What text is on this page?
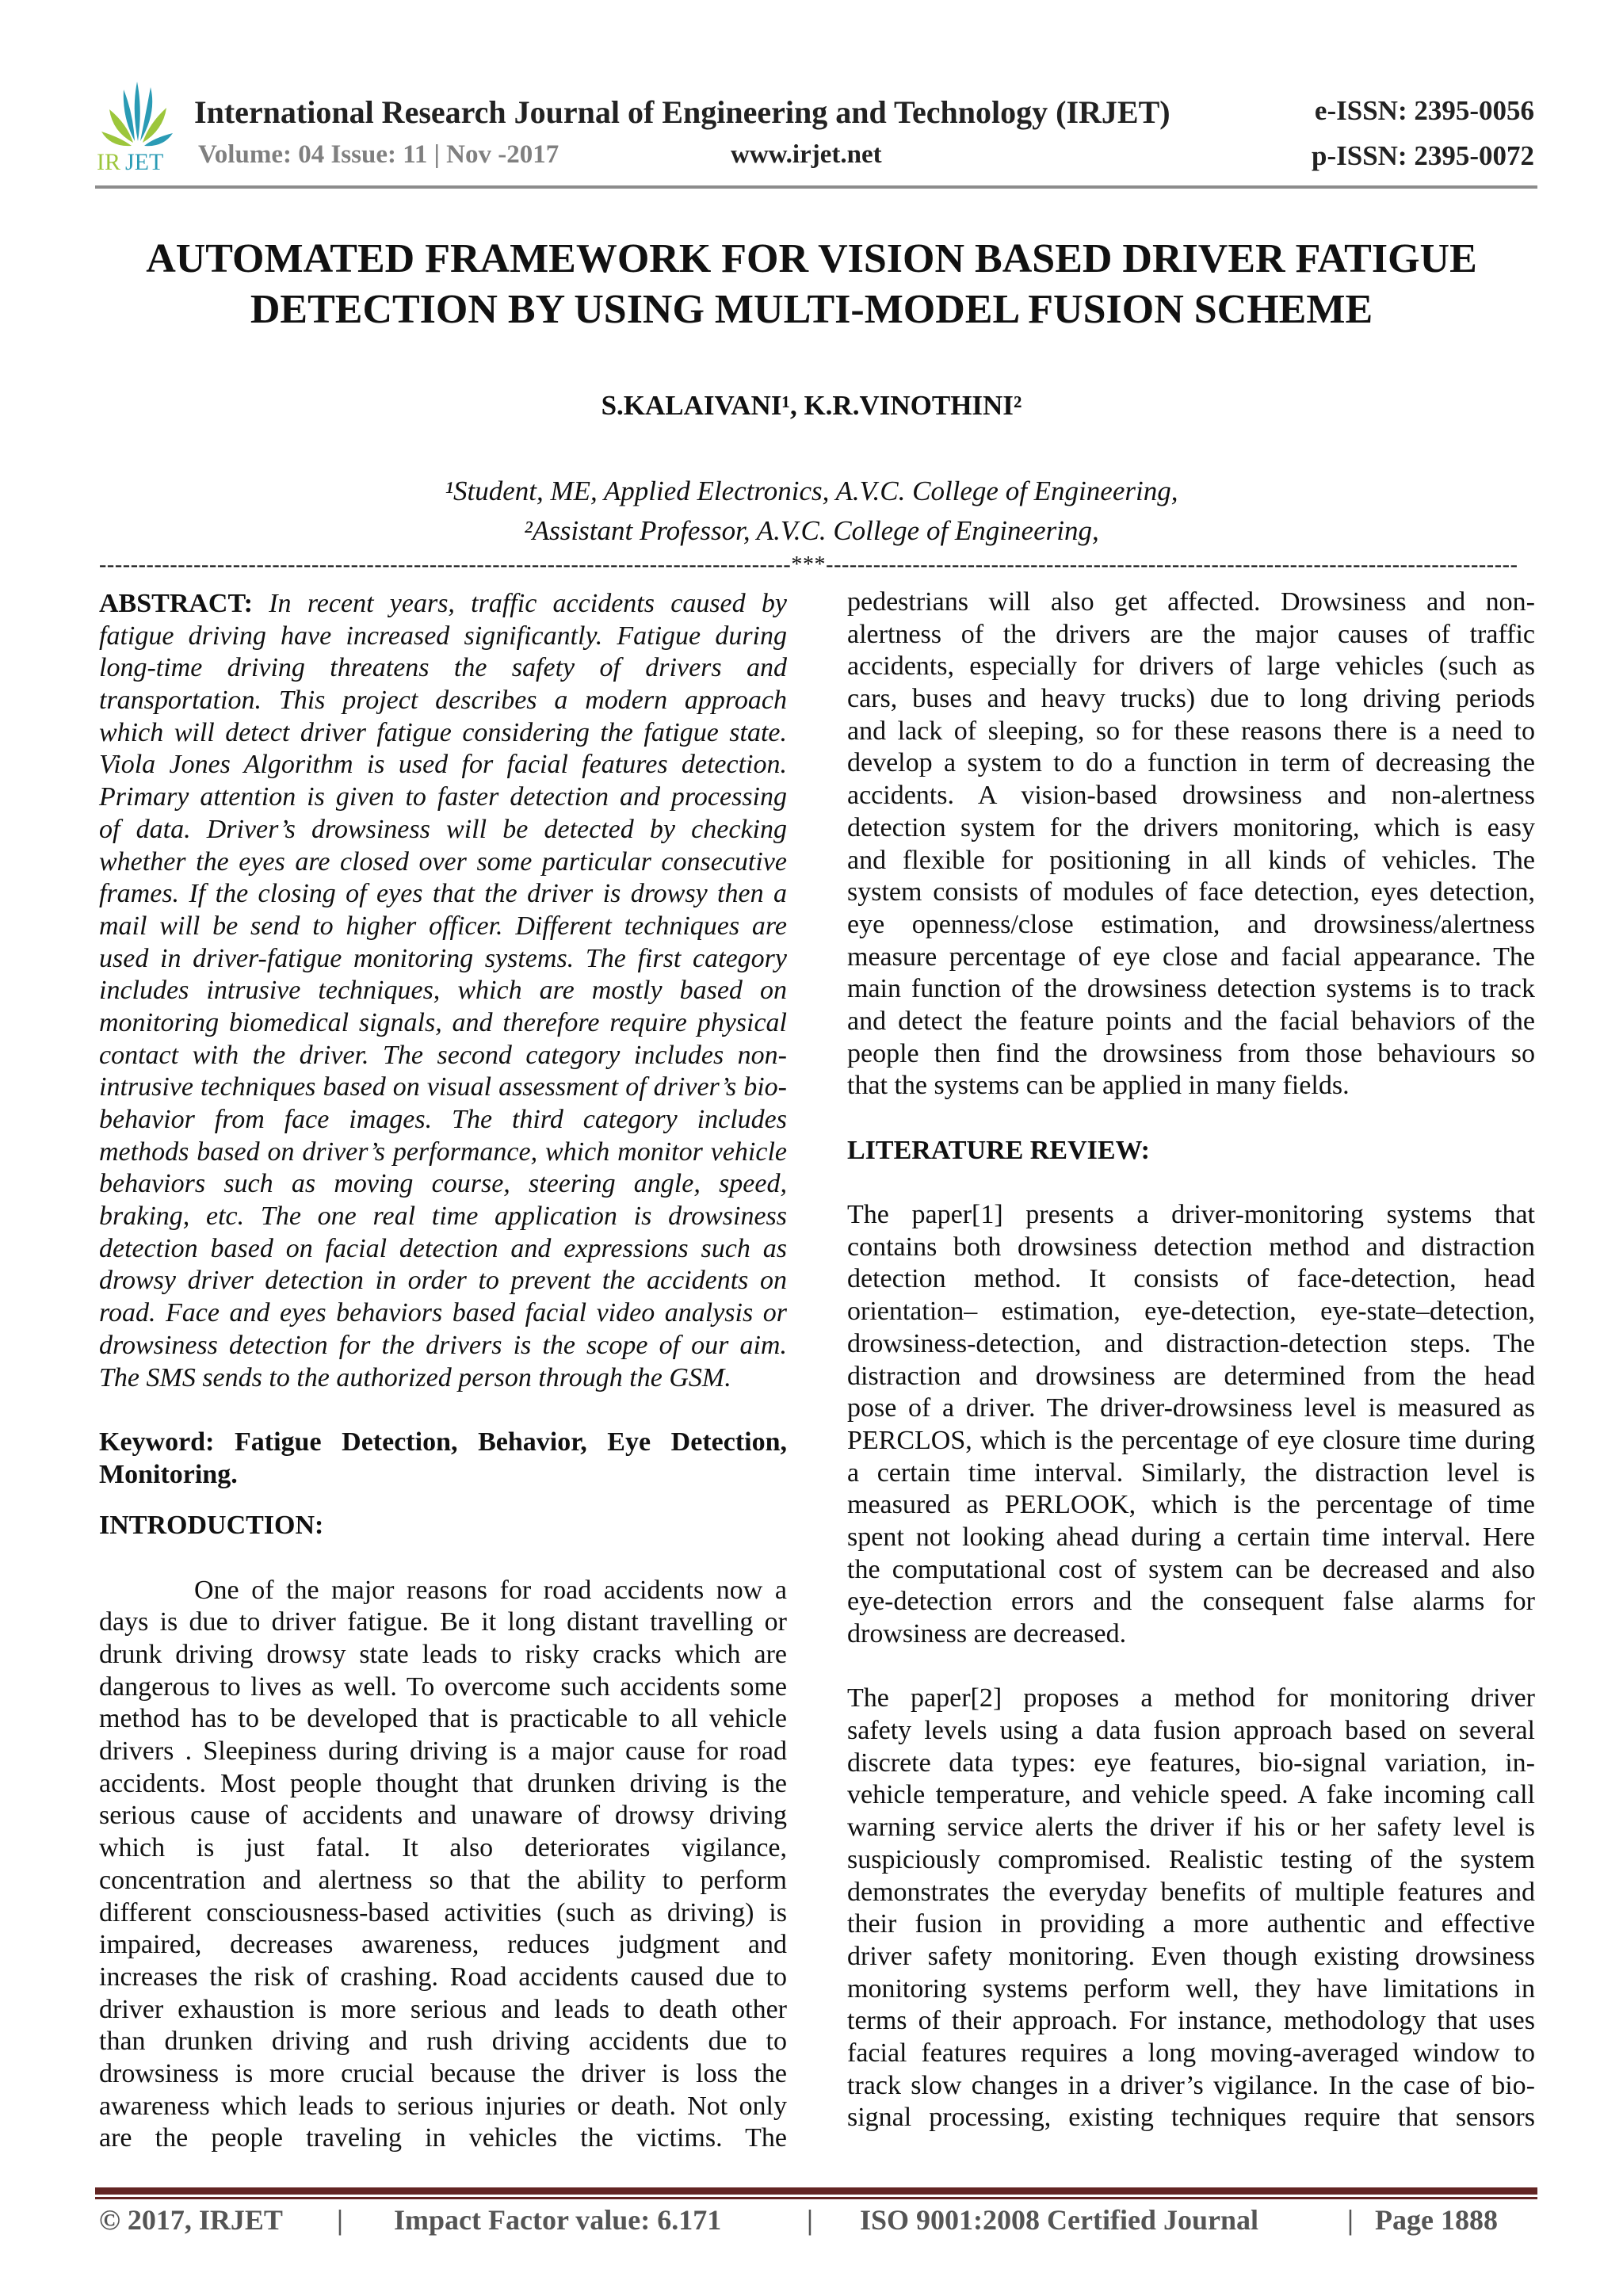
IR JET
International Research Journal of Engineering and Technology (IRJET)	e-ISSN: 2395-0056
Volume: 04 Issue: 11 | Nov -2017	www.irjet.net	p-ISSN: 2395-0072
AUTOMATED FRAMEWORK FOR VISION BASED DRIVER FATIGUE
DETECTION BY USING MULTI-MODEL FUSION SCHEME
S.KALAIVANI¹, K.R.VINOTHINI²
¹Student, ME, Applied Electronics, A.V.C. College of Engineering,
²Assistant Professor, A.V.C. College of Engineering,
----------------------------------------------------------------------------------------***----------------------------------------------------------------------------------------
ABSTRACT: In recent years, traffic accidents caused by
fatigue driving have increased significantly. Fatigue during
long-time driving threatens the safety of drivers and
transportation. This project describes a modern approach
which will detect driver fatigue considering the fatigue state.
Viola Jones Algorithm is used for facial features detection.
Primary attention is given to faster detection and processing
of data. Driver’s drowsiness will be detected by checking
whether the eyes are closed over some particular consecutive
frames. If the closing of eyes that the driver is drowsy then a
mail will be send to higher officer. Different techniques are
used in driver-fatigue monitoring systems. The first category
includes intrusive techniques, which are mostly based on
monitoring biomedical signals, and therefore require physical
contact with the driver. The second category includes non-
intrusive techniques based on visual assessment of driver’s bio-
behavior from face images. The third category includes
methods based on driver’s performance, which monitor vehicle
behaviors such as moving course, steering angle, speed,
braking, etc. The one real time application is drowsiness
detection based on facial detection and expressions such as
drowsy driver detection in order to prevent the accidents on
road. Face and eyes behaviors based facial video analysis or
drowsiness detection for the drivers is the scope of our aim.
The SMS sends to the authorized person through the GSM.
Keyword: Fatigue Detection, Behavior, Eye Detection,
Monitoring.
INTRODUCTION:
One of the major reasons for road accidents now a
days is due to driver fatigue. Be it long distant travelling or
drunk driving drowsy state leads to risky cracks which are
dangerous to lives as well. To overcome such accidents some
method has to be developed that is practicable to all vehicle
drivers . Sleepiness during driving is a major cause for road
accidents. Most people thought that drunken driving is the
serious cause of accidents and unaware of drowsy driving
which is just fatal. It also deteriorates vigilance,
concentration and alertness so that the ability to perform
different consciousness-based activities (such as driving) is
impaired, decreases awareness, reduces judgment and
increases the risk of crashing. Road accidents caused due to
driver exhaustion is more serious and leads to death other
than drunken driving and rush driving accidents due to
drowsiness is more crucial because the driver is loss the
awareness which leads to serious injuries or death. Not only
are the people traveling in vehicles the victims. The
pedestrians will also get affected. Drowsiness and non-
alertness of the drivers are the major causes of traffic
accidents, especially for drivers of large vehicles (such as
cars, buses and heavy trucks) due to long driving periods
and lack of sleeping, so for these reasons there is a need to
develop a system to do a function in term of decreasing the
accidents. A vision-based drowsiness and non-alertness
detection system for the drivers monitoring, which is easy
and flexible for positioning in all kinds of vehicles. The
system consists of modules of face detection, eyes detection,
eye openness/close estimation, and drowsiness/alertness
measure percentage of eye close and facial appearance. The
main function of the drowsiness detection systems is to track
and detect the feature points and the facial behaviors of the
people then find the drowsiness from those behaviours so
that the systems can be applied in many fields.
LITERATURE REVIEW:
The paper[1] presents a driver-monitoring systems that
contains both drowsiness detection method and distraction
detection method. It consists of face-detection, head
orientation– estimation, eye-detection, eye-state–detection,
drowsiness-detection, and distraction-detection steps. The
distraction and drowsiness are determined from the head
pose of a driver. The driver-drowsiness level is measured as
PERCLOS, which is the percentage of eye closure time during
a certain time interval. Similarly, the distraction level is
measured as PERLOOK, which is the percentage of time
spent not looking ahead during a certain time interval. Here
the computational cost of system can be decreased and also
eye-detection errors and the consequent false alarms for
drowsiness are decreased.
The paper[2] proposes a method for monitoring driver
safety levels using a data fusion approach based on several
discrete data types: eye features, bio-signal variation, in-
vehicle temperature, and vehicle speed. A fake incoming call
warning service alerts the driver if his or her safety level is
suspiciously compromised. Realistic testing of the system
demonstrates the everyday benefits of multiple features and
their fusion in providing a more authentic and effective
driver safety monitoring. Even though existing drowsiness
monitoring systems perform well, they have limitations in
terms of their approach. For instance, methodology that uses
facial features requires a long moving-averaged window to
track slow changes in a driver’s vigilance. In the case of bio-
signal processing, existing techniques require that sensors
© 2017, IRJET | Impact Factor value: 6.171	| ISO 9001:2008 Certified Journal	| Page 1888
